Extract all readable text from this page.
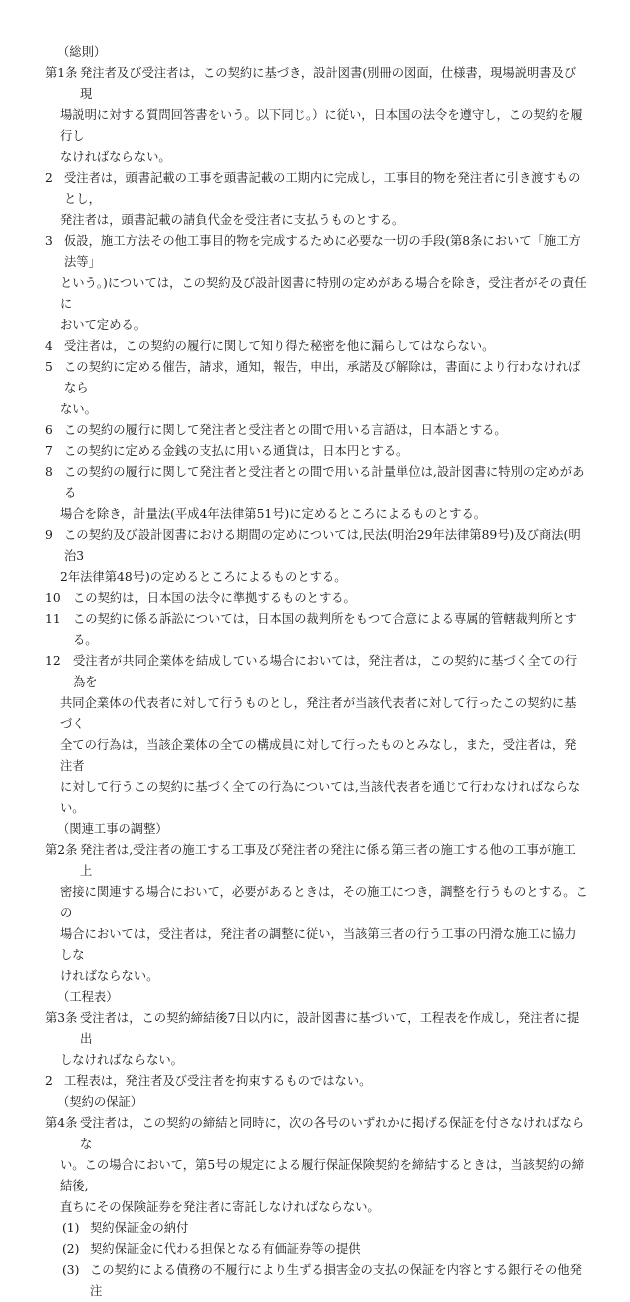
（総則）
第1条 発注者及び受注者は，この契約に基づき，設計図書(別冊の図面，仕様書，現場説明書及び現
場説明に対する質問回答書をいう。以下同じ。）に従い，日本国の法令を遵守し，この契約を履行し
なければならない。
2 受注者は，頭書記載の工事を頭書記載の工期内に完成し，工事目的物を発注者に引き渡すものとし，
発注者は，頭書記載の請負代金を受注者に支払うものとする。
3 仮設，施工方法その他工事目的物を完成するために必要な一切の手段(第8条において「施工方法等」
という。)については，この契約及び設計図書に特別の定めがある場合を除き，受注者がその責任に
おいて定める。
4 受注者は，この契約の履行に関して知り得た秘密を他に漏らしてはならない。
5 この契約に定める催告，請求，通知，報告，申出，承諾及び解除は，書面により行わなければなら
ない。
6 この契約の履行に関して発注者と受注者との間で用いる言語は，日本語とする。
7 この契約に定める金銭の支払に用いる通貨は，日本円とする。
8 この契約の履行に関して発注者と受注者との間で用いる計量単位は,設計図書に特別の定めがある
場合を除き，計量法(平成4年法律第51号)に定めるところによるものとする。
9 この契約及び設計図書における期間の定めについては,民法(明治29年法律第89号)及び商法(明治3
2年法律第48号)の定めるところによるものとする。
10	この契約は，日本国の法令に準拠するものとする。
11	この契約に係る訴訟については，日本国の裁判所をもつて合意による専属的管轄裁判所とする。
12	受注者が共同企業体を結成している場合においては，発注者は，この契約に基づく全ての行為を
共同企業体の代表者に対して行うものとし，発注者が当該代表者に対して行ったこの契約に基づく
全ての行為は，当該企業体の全ての構成員に対して行ったものとみなし，また，受注者は，発注者
に対して行うこの契約に基づく全ての行為については,当該代表者を通じて行わなければならない。
（関連工事の調整）
第2条 発注者は,受注者の施工する工事及び発注者の発注に係る第三者の施工する他の工事が施工上
密接に関連する場合において，必要があるときは，その施工につき，調整を行うものとする。この
場合においては，受注者は，発注者の調整に従い，当該第三者の行う工事の円滑な施工に協力しな
ければならない。
（工程表）
第3条 受注者は，この契約締結後7日以内に，設計図書に基づいて，工程表を作成し，発注者に提出
しなければならない。
2 工程表は，発注者及び受注者を拘束するものではない。
（契約の保証）
第4条 受注者は，この契約の締結と同時に，次の各号のいずれかに掲げる保証を付さなければならな
い。この場合において，第5号の規定による履行保証保険契約を締結するときは，当該契約の締結後,
直ちにその保険証券を発注者に寄託しなければならない。
(1) 契約保証金の納付
(2) 契約保証金に代わる担保となる有価証券等の提供
(3) この契約による債務の不履行により生ずる損害金の支払の保証を内容とする銀行その他発注
